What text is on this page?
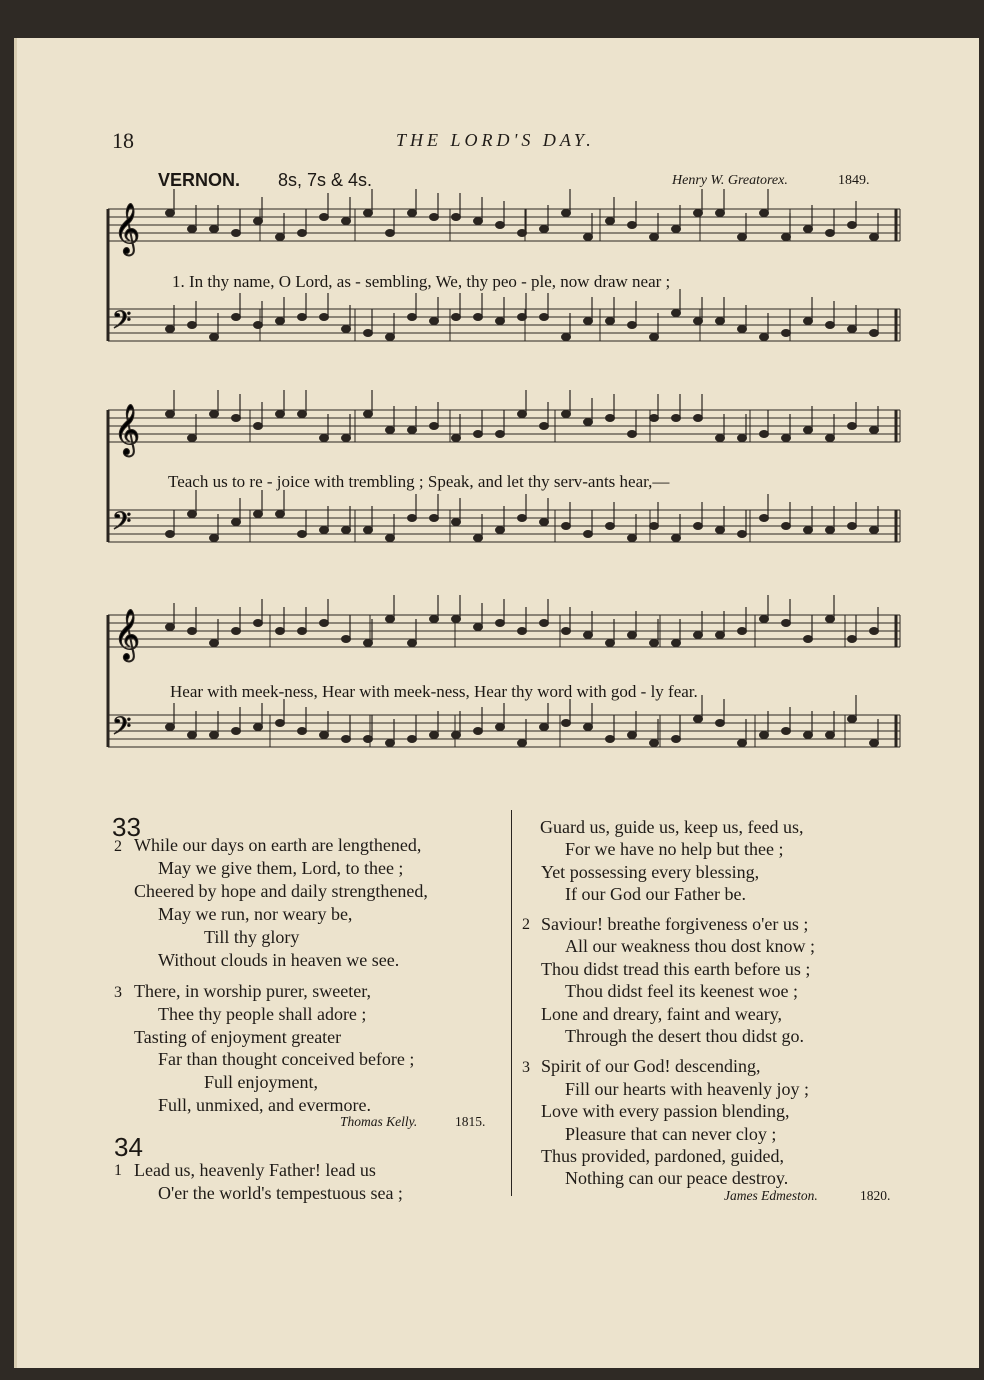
18	THE LORD'S DAY.
VERNON. 8s, 7s & 4s.	Henry W. Greatorex.	1849.
𝄞
𝄢
𝄞
𝄢
𝄞
𝄢
1. In thy name, O Lord, as - sembling, We, thy peo - ple, now draw near ;
Teach us to re - joice with trembling ; Speak, and let thy serv-ants hear,—
Hear with meek-ness, Hear with meek-ness, Hear thy word with god - ly fear.
33
2 While our days on earth are lengthened,
May we give them, Lord, to thee ;
Cheered by hope and daily strengthened,
May we run, nor weary be,
Till thy glory
Without clouds in heaven we see.
3 There, in worship purer, sweeter,
Thee thy people shall adore ;
Tasting of enjoyment greater
Far than thought conceived before ;
Full enjoyment,
Full, unmixed, and evermore.
Thomas Kelly.	1815.
34
1 Lead us, heavenly Father! lead us
O'er the world's tempestuous sea ;
Guard us, guide us, keep us, feed us,
For we have no help but thee ;
Yet possessing every blessing,
If our God our Father be.
2 Saviour! breathe forgiveness o'er us ;
All our weakness thou dost know ;
Thou didst tread this earth before us ;
Thou didst feel its keenest woe ;
Lone and dreary, faint and weary,
Through the desert thou didst go.
3 Spirit of our God! descending,
Fill our hearts with heavenly joy ;
Love with every passion blending,
Pleasure that can never cloy ;
Thus provided, pardoned, guided,
Nothing can our peace destroy.
James Edmeston.	1820.
